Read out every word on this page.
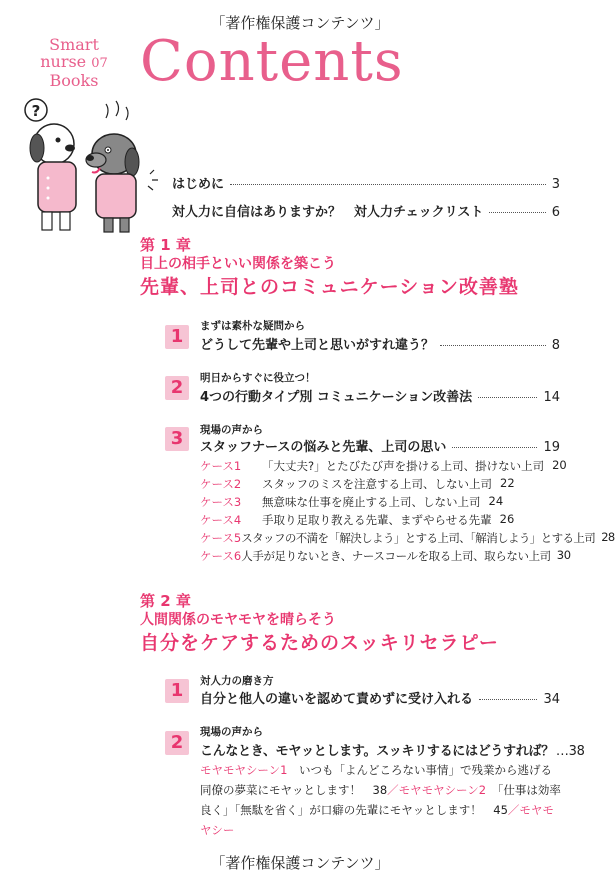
「著作権保護コンテンツ」
Smart
nurse 07
Books Contents
?
はじめに	3
対人力に自信はありますか？　対人力チェックリスト	6
第 1 章
目上の相手といい関係を築こう
先輩、上司とのコミュニケーション改善塾
1	まずは素朴な疑問から
どうして先輩や上司と思いがすれ違う？	8
2	明日からすぐに役立つ！
4つの行動タイプ別 コミュニケーション改善法	14
3	現場の声から
スタッフナースの悩みと先輩、上司の思い	19
ケース1	「大丈夫?」とたびたび声を掛ける上司、掛けない上司 20
ケース2	スタッフのミスを注意する上司、しない上司 22
ケース3	無意味な仕事を廃止する上司、しない上司 24
ケース4	手取り足取り教える先輩、まずやらせる先輩 26
ケース5 スタッフの不満を「解決しよう」とする上司、「解消しよう」とする上司 28
ケース6 人手が足りないとき、ナースコールを取る上司、取らない上司 30
第 2 章
人間関係のモヤモヤを晴らそう
自分をケアするためのスッキリセラピー
1	対人力の磨き方
自分と他人の違いを認めて責めずに受け入れる	34
2	現場の声から
こんなとき、モヤッとします。スッキリするにはどうすれば？ … 38
モヤモヤシーン1　いつも「よんどころない事情」で残業から逃げる同僚の夢菜にモヤッとします！　 38／モヤモヤシーン2　 「仕事は効率良く」「無駄を省く」が口癖の先輩にモヤッとします！　 45／モヤモヤシー
「著作権保護コンテンツ」
